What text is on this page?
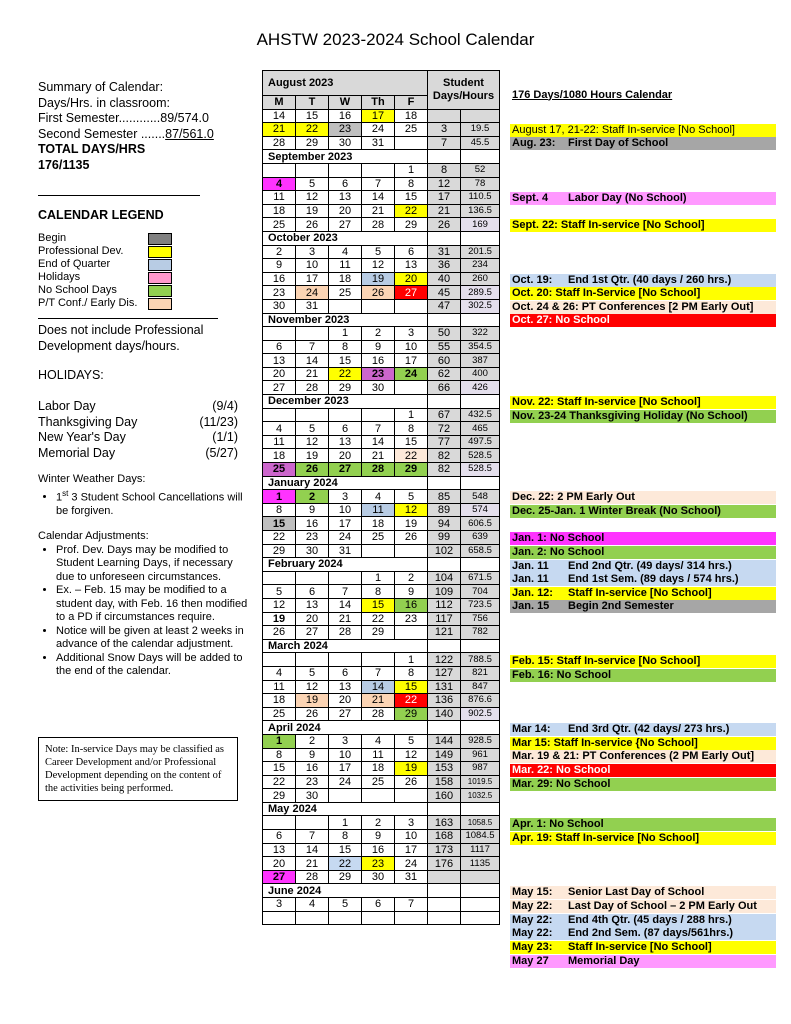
AHSTW 2023-2024 School Calendar
Summary of Calendar:
Days/Hrs. in classroom:
First Semester............89/574.0
Second Semester .......87/561.0
TOTAL DAYS/HRS
176/1135
CALENDAR LEGEND
Begin
Professional Dev.
End of Quarter
Holidays
No School Days
P/T Conf./ Early Dis.
Does not include Professional Development days/hours.
HOLIDAYS:
Labor Day	(9/4)
Thanksgiving Day	(11/23)
New Year's Day	(1/1)
Memorial Day	(5/27)
Winter Weather Days:
• 1st 3 Student School Cancellations will be forgiven.
Calendar Adjustments:
• Prof. Dev. Days may be modified to Student Learning Days, if necessary due to unforeseen circumstances.
• Ex. – Feb. 15 may be modified to a student day, with Feb. 16 then modified to a PD if circumstances require.
• Notice will be given at least 2 weeks in advance of the calendar adjustment.
• Additional Snow Days will be added to the end of the calendar.
Note: In-service Days may be classified as Career Development and/or Professional Development depending on the content of the activities being performed.
August 2023					Student Days/Hours	
M	T	W	Th	F		
14	15	16	17	18		
21	22	23	24	25	3	19.5
28	29	30	31		7	45.5
September 2023						
				1	8	52
4	5	6	7	8	12	78
11	12	13	14	15	17	110.5
18	19	20	21	22	21	136.5
25	26	27	28	29	26	169
October 2023						
2	3	4	5	6	31	201.5
9	10	11	12	13	36	234
16	17	18	19	20	40	260
23	24	25	26	27	45	289.5
30	31				47	302.5
November 2023						
		1	2	3	50	322
6	7	8	9	10	55	354.5
13	14	15	16	17	60	387
20	21	22	23	24	62	400
27	28	29	30		66	426
December 2023						
				1	67	432.5
4	5	6	7	8	72	465
11	12	13	14	15	77	497.5
18	19	20	21	22	82	528.5
25	26	27	28	29	82	528.5
January 2024						
1	2	3	4	5	85	548
8	9	10	11	12	89	574
15	16	17	18	19	94	606.5
22	23	24	25	26	99	639
29	30	31			102	658.5
February 2024						
			1	2	104	671.5
5	6	7	8	9	109	704
12	13	14	15	16	112	723.5
19	20	21	22	23	117	756
26	27	28	29		121	782
March 2024						
				1	122	788.5
4	5	6	7	8	127	821
11	12	13	14	15	131	847
18	19	20	21	22	136	876.6
25	26	27	28	29	140	902.5
April 2024						
1	2	3	4	5	144	928.5
8	9	10	11	12	149	961
15	16	17	18	19	153	987
22	23	24	25	26	158	1019.5
29	30				160	1032.5
May 2024						
		1	2	3	163	1058.5
6	7	8	9	10	168	1084.5
13	14	15	16	17	173	1117
20	21	22	23	24	176	1135
27	28	29	30	31		
June 2024						
3	4	5	6	7		

176 Days/1080 Hours Calendar
August 17, 21-22: Staff In-service [No School]
Aug. 23: First Day of School
Sept. 4 Labor Day (No School)
Sept. 22: Staff In-service [No School]
Oct. 19: End 1st Qtr. (40 days / 260 hrs.)
Oct. 20: Staff In-Service [No School]
Oct. 24 & 26: PT Conferences [2 PM Early Out]
Oct. 27: No School
Nov. 22: Staff In-service [No School]
Nov. 23-24 Thanksgiving Holiday (No School)
Dec. 22: 2 PM Early Out
Dec. 25-Jan. 1 Winter Break (No School)
Jan. 1: No School
Jan. 2: No School
Jan. 11 End 2nd Qtr. (49 days/ 314 hrs.)
Jan. 11 End 1st Sem. (89 days / 574 hrs.)
Jan. 12: Staff In-service [No School]
Jan. 15 Begin 2nd Semester
Feb. 15: Staff In-service [No School]
Feb. 16: No School
Mar 14: End 3rd Qtr. (42 days/ 273 hrs.)
Mar 15: Staff In-service {No School]
Mar. 19 & 21: PT Conferences (2 PM Early Out]
Mar. 22: No School
Mar. 29: No School
Apr. 1: No School
Apr. 19: Staff In-service [No School]
May 15: Senior Last Day of School
May 22: Last Day of School – 2 PM Early Out
May 22: End 4th Qtr. (45 days / 288 hrs.)
May 22: End 2nd Sem. (87 days/561hrs.)
May 23: Staff In-service [No School]
May 27 Memorial Day
